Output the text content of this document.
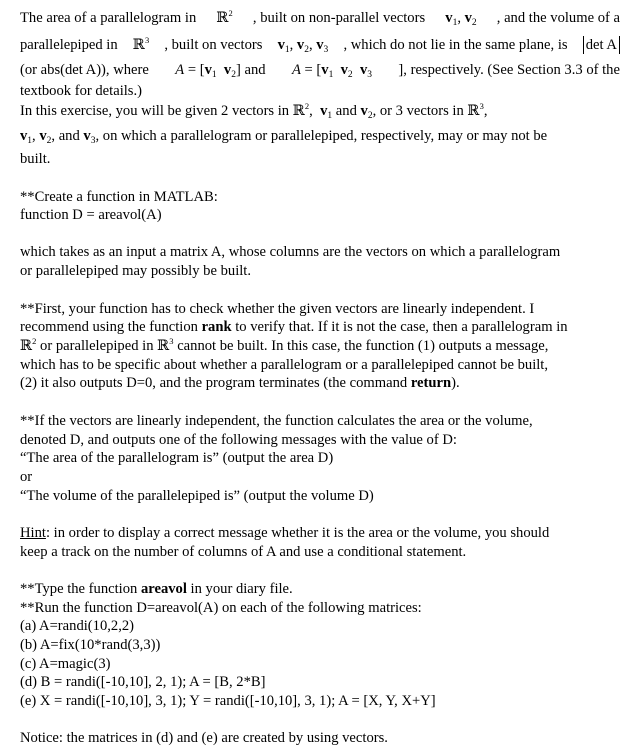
The area of a parallelogram in ℝ$^2$ , built on non-parallel vectors $v_1$, $v_2$ , and the volume of a
parallelepiped in ℝ$^3$ , built on vectors $v_1$, $v_2$, $v_3$ , which do not lie in the same plane, is det A
(or abs(det A)), where $A = [v_1$ $v_2$] and $A = [v_1$ $v_2$ $v_3$ ], respectively. (See Section 3.3 of the
textbook for details.)
In this exercise, you will be given 2 vectors in ℝ$^2$,  $v_1$ and $v_2$, or 3 vectors in ℝ$^3$,
$v_1$, $v_2$, and $v_3$, on which a parallelogram or parallelepiped, respectively, may or may not be
built.
**Create a function in MATLAB:
function D = areavol(A)
which takes as an input a matrix A, whose columns are the vectors on which a parallelogram
or parallelepiped may possibly be built.
**First, your function has to check whether the given vectors are linearly independent. I
recommend using the function rank to verify that. If it is not the case, then a parallelogram in
ℝ$^2$ or parallelepiped in ℝ$^3$ cannot be built. In this case, the function (1) outputs a message,
which has to be specific about whether a parallelogram or a parallelepiped cannot be built,
(2) it also outputs D=0, and the program terminates (the command return).
**If the vectors are linearly independent, the function calculates the area or the volume,
denoted D, and outputs one of the following messages with the value of D:
“The area of the parallelogram is” (output the area D)
or
“The volume of the parallelepiped is” (output the volume D)
Hint: in order to display a correct message whether it is the area or the volume, you should
keep a track on the number of columns of A and use a conditional statement.
**Type the function areavol in your diary file.
**Run the function D=areavol(A) on each of the following matrices:
(a) A=randi(10,2,2)
(b) A=fix(10*rand(3,3))
(c) A=magic(3)
(d) B = randi([-10,10], 2, 1); A = [B, 2*B]
(e) X = randi([-10,10], 3, 1); Y = randi([-10,10], 3, 1); A = [X, Y, X+Y]
Notice: the matrices in (d) and (e) are created by using vectors.
